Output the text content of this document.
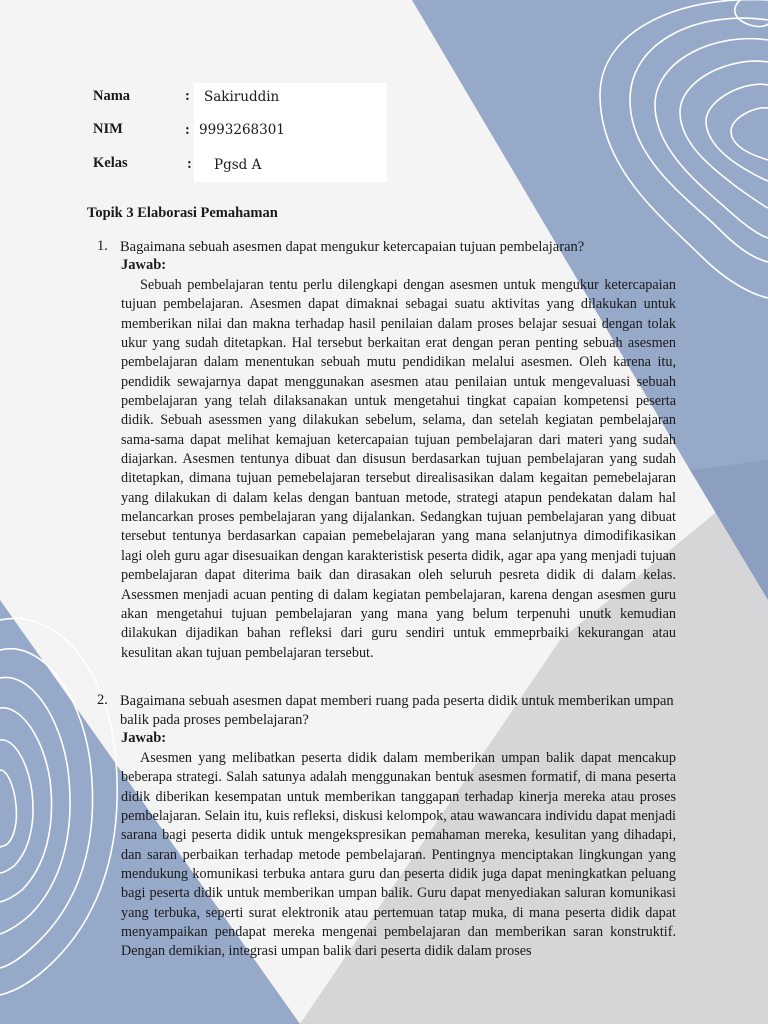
Nama
NIM
Kelas
:
:
:
Sakiruddin
9993268301
Pgsd A
Topik 3 Elaborasi Pemahaman
1. Bagaimana sebuah asesmen dapat mengukur ketercapaian tujuan pembelajaran?
Jawab:

Sebuah pembelajaran tentu perlu dilengkapi dengan asesmen untuk mengukur ketercapaian tujuan pembelajaran. Asesmen dapat dimaknai sebagai suatu aktivitas yang dilakukan untuk memberikan nilai dan makna terhadap hasil penilaian dalam proses belajar sesuai dengan tolak ukur yang sudah ditetapkan. Hal tersebut berkaitan erat dengan peran penting sebuah asesmen pembelajaran dalam menentukan sebuah mutu pendidikan melalui asesmen. Oleh karena itu, pendidik sewajarnya dapat menggunakan asesmen atau penilaian untuk mengevaluasi sebuah pembelajaran yang telah dilaksanakan untuk mengetahui tingkat capaian kompetensi peserta didik. Sebuah asessmen yang dilakukan sebelum, selama, dan setelah kegiatan pembelajaran sama-sama dapat melihat kemajuan ketercapaian tujuan pembelajaran dari materi yang sudah diajarkan. Asesmen tentunya dibuat dan disusun berdasarkan tujuan pembelajaran yang sudah ditetapkan, dimana tujuan pemebelajaran tersebut direalisasikan dalam kegaitan pemebelajaran yang dilakukan di dalam kelas dengan bantuan metode, strategi atapun pendekatan dalam hal melancarkan proses pembelajaran yang dijalankan. Sedangkan tujuan pembelajaran yang dibuat tersebut tentunya berdasarkan capaian pemebelajaran yang mana selanjutnya dimodifikasikan lagi oleh guru agar disesuaikan dengan karakteristisk peserta didik, agar apa yang menjadi tujuan pembelajaran dapat diterima baik dan dirasakan oleh seluruh pesreta didik di dalam kelas. Asessmen menjadi acuan penting di dalam kegiatan pembelajaran, karena dengan asesmen guru akan mengetahui tujuan pembelajaran yang mana yang belum terpenuhi unutk kemudian dilakukan dijadikan bahan refleksi dari guru sendiri untuk emmeprbaiki kekurangan atau kesulitan akan tujuan pembelajaran tersebut.

2. Bagaimana sebuah asesmen dapat memberi ruang pada peserta didik untuk memberikan umpan balik pada proses pembelajaran?
Jawab:

Asesmen yang melibatkan peserta didik dalam memberikan umpan balik dapat mencakup beberapa strategi. Salah satunya adalah menggunakan bentuk asesmen formatif, di mana peserta didik diberikan kesempatan untuk memberikan tanggapan terhadap kinerja mereka atau proses pembelajaran. Selain itu, kuis refleksi, diskusi kelompok, atau wawancara individu dapat menjadi sarana bagi peserta didik untuk mengekspresikan pemahaman mereka, kesulitan yang dihadapi, dan saran perbaikan terhadap metode pembelajaran. Pentingnya menciptakan lingkungan yang mendukung komunikasi terbuka antara guru dan peserta didik juga dapat meningkatkan peluang bagi peserta didik untuk memberikan umpan balik. Guru dapat menyediakan saluran komunikasi yang terbuka, seperti surat elektronik atau pertemuan tatap muka, di mana peserta didik dapat menyampaikan pendapat mereka mengenai pembelajaran dan memberikan saran konstruktif. Dengan demikian, integrasi umpan balik dari peserta didik dalam proses
